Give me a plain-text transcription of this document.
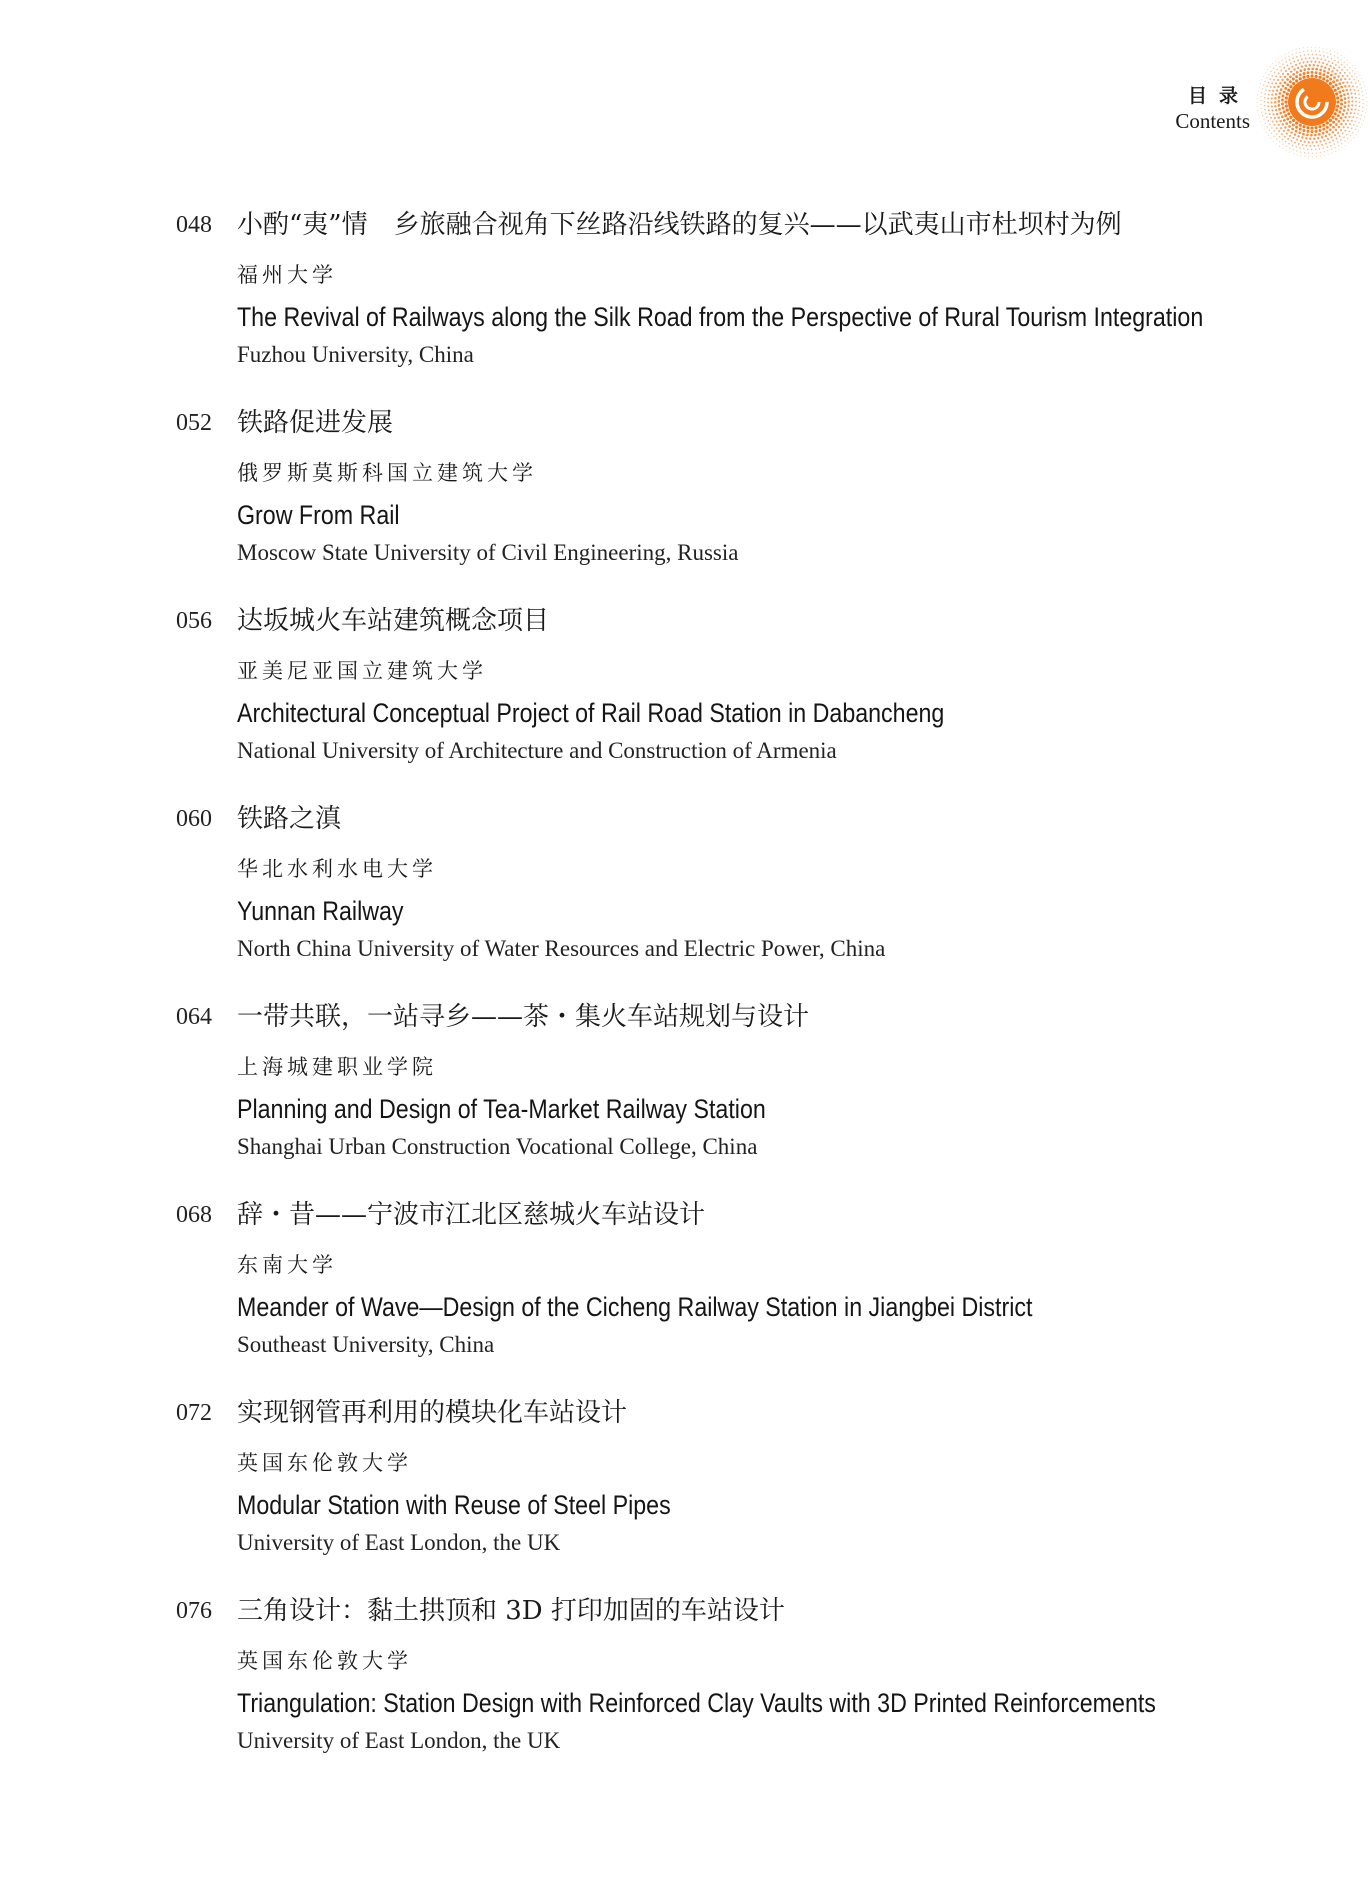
目录
Contents
048 小酌“夷”情　乡旅融合视角下丝路沿线铁路的复兴——以武夷山市杜坝村为例
福州大学
The Revival of Railways along the Silk Road from the Perspective of Rural Tourism Integration
Fuzhou University, China
052 铁路促进发展
俄罗斯莫斯科国立建筑大学
Grow From Rail
Moscow State University of Civil Engineering, Russia
056 达坂城火车站建筑概念项目
亚美尼亚国立建筑大学
Architectural Conceptual Project of Rail Road Station in Dabancheng
National University of Architecture and Construction of Armenia
060 铁路之滇
华北水利水电大学
Yunnan Railway
North China University of Water Resources and Electric Power, China
064 一带共联，一站寻乡——茶・集火车站规划与设计
上海城建职业学院
Planning and Design of Tea-Market Railway Station
Shanghai Urban Construction Vocational College, China
068 辞・昔——宁波市江北区慈城火车站设计
东南大学
Meander of Wave—Design of the Cicheng Railway Station in Jiangbei District
Southeast University, China
072 实现钢管再利用的模块化车站设计
英国东伦敦大学
Modular Station with Reuse of Steel Pipes
University of East London, the UK
076 三角设计：黏土拱顶和 3D 打印加固的车站设计
英国东伦敦大学
Triangulation: Station Design with Reinforced Clay Vaults with 3D Printed Reinforcements
University of East London, the UK
